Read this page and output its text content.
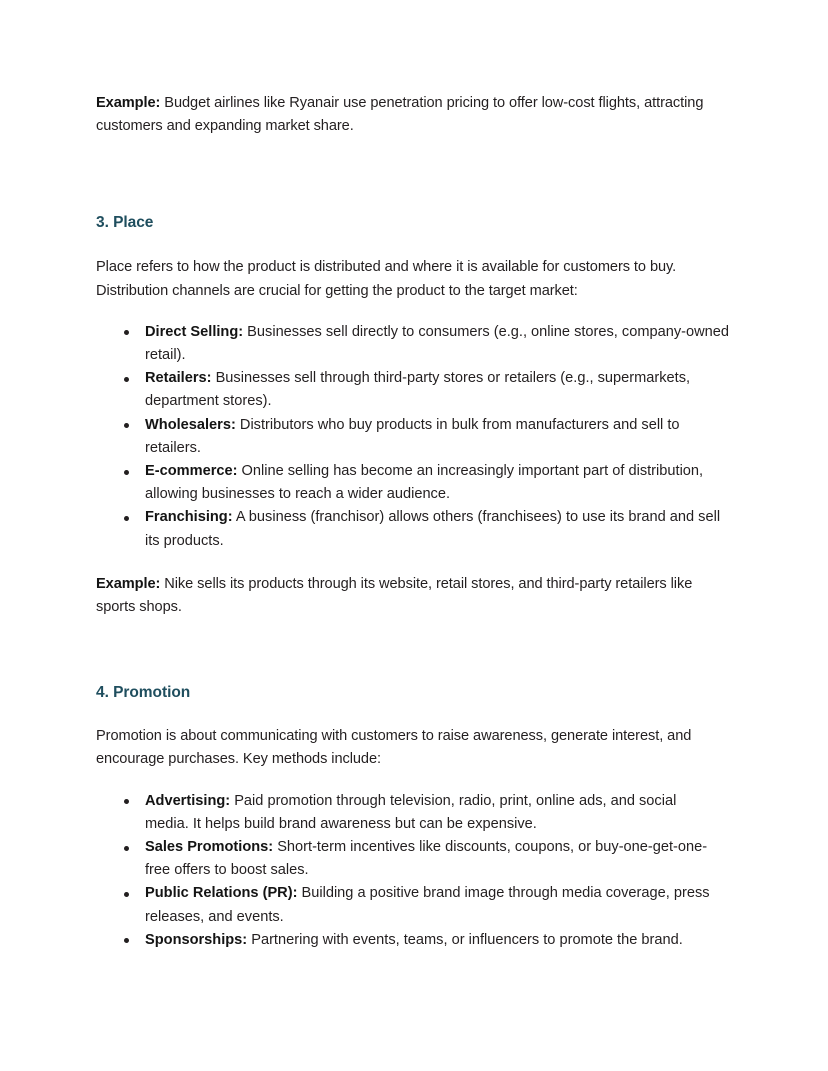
Example: Budget airlines like Ryanair use penetration pricing to offer low-cost flights, attracting customers and expanding market share.

3. Place

Place refers to how the product is distributed and where it is available for customers to buy. Distribution channels are crucial for getting the product to the target market:

Direct Selling: Businesses sell directly to consumers (e.g., online stores, company-owned retail).
Retailers: Businesses sell through third-party stores or retailers (e.g., supermarkets, department stores).
Wholesalers: Distributors who buy products in bulk from manufacturers and sell to retailers.
E-commerce: Online selling has become an increasingly important part of distribution, allowing businesses to reach a wider audience.
Franchising: A business (franchisor) allows others (franchisees) to use its brand and sell its products.

Example: Nike sells its products through its website, retail stores, and third-party retailers like sports shops.

4. Promotion

Promotion is about communicating with customers to raise awareness, generate interest, and encourage purchases. Key methods include:

Advertising: Paid promotion through television, radio, print, online ads, and social media. It helps build brand awareness but can be expensive.
Sales Promotions: Short-term incentives like discounts, coupons, or buy-one-get-one-free offers to boost sales.
Public Relations (PR): Building a positive brand image through media coverage, press releases, and events.
Sponsorships: Partnering with events, teams, or influencers to promote the brand.
